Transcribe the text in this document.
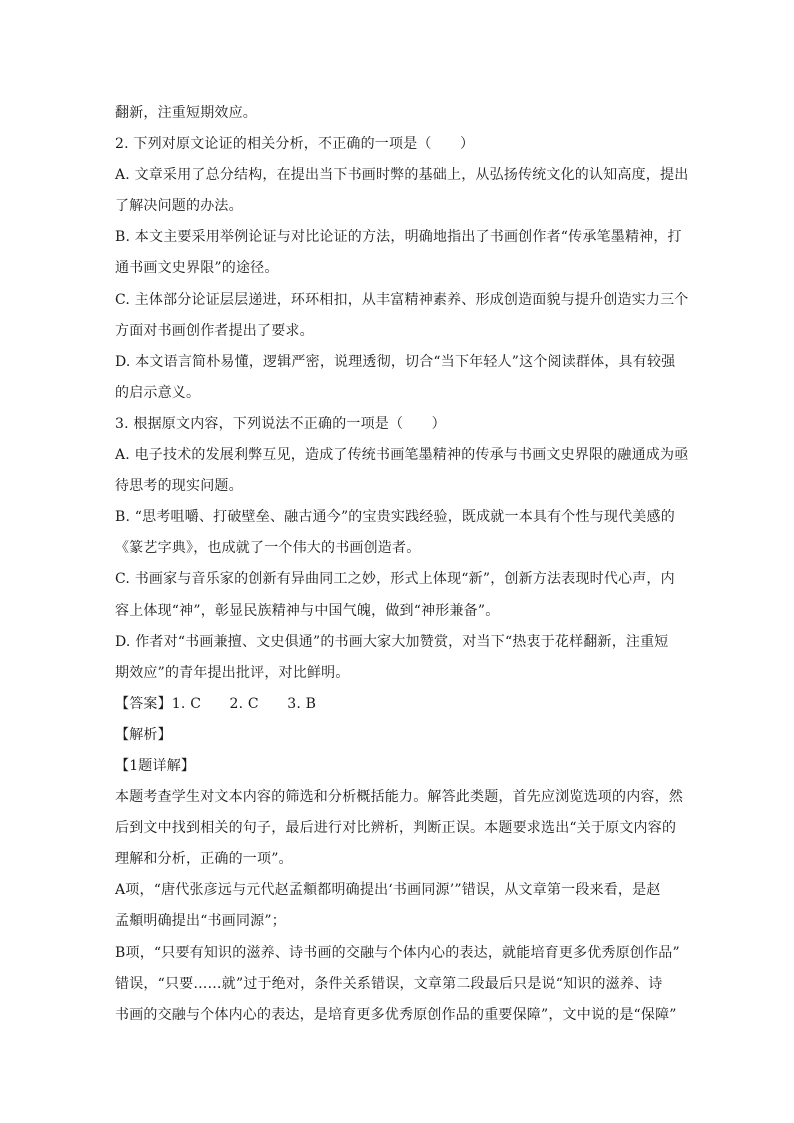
翻新，注重短期效应。

2. 下列对原文论证的相关分析，不正确的一项是（　　）

A. 文章采用了总分结构，在提出当下书画时弊的基础上，从弘扬传统文化的认知高度，提出

了解决问题的办法。

B. 本文主要采用举例论证与对比论证的方法，明确地指出了书画创作者“传承笔墨精神，打

通书画文史界限”的途径。

C. 主体部分论证层层递进，环环相扣，从丰富精神素养、形成创造面貌与提升创造实力三个

方面对书画创作者提出了要求。

D. 本文语言简朴易懂，逻辑严密，说理透彻，切合“当下年轻人”这个阅读群体，具有较强

的启示意义。

3. 根据原文内容，下列说法不正确的一项是（　　）

A. 电子技术的发展利弊互见，造成了传统书画笔墨精神的传承与书画文史界限的融通成为亟

待思考的现实问题。

B. “思考咀嚼、打破壁垒、融古通今”的宝贵实践经验，既成就一本具有个性与现代美感的

《篆艺字典》，也成就了一个伟大的书画创造者。

C. 书画家与音乐家的创新有异曲同工之妙，形式上体现“新”，创新方法表现时代心声，内

容上体现“神”，彰显民族精神与中国气魄，做到“神形兼备”。

D. 作者对“书画兼擅、文史俱通”的书画大家大加赞赏，对当下“热衷于花样翻新，注重短

期效应”的青年提出批评，对比鲜明。

【答案】1. C　　2. C　　3. B

【解析】

【1题详解】

本题考查学生对文本内容的筛选和分析概括能力。解答此类题，首先应浏览选项的内容，然

后到文中找到相关的句子，最后进行对比辨析，判断正误。本题要求选出“关于原文内容的

理解和分析，正确的一项”。

A项，“唐代张彦远与元代赵孟頫都明确提出‘书画同源’”错误，从文章第一段来看，是赵

孟頫明确提出“书画同源”；

B项，“只要有知识的滋养、诗书画的交融与个体内心的表达，就能培育更多优秀原创作品”

错误，“只要……就”过于绝对，条件关系错误，文章第二段最后只是说“知识的滋养、诗

书画的交融与个体内心的表达，是培育更多优秀原创作品的重要保障”，文中说的是“保障”
